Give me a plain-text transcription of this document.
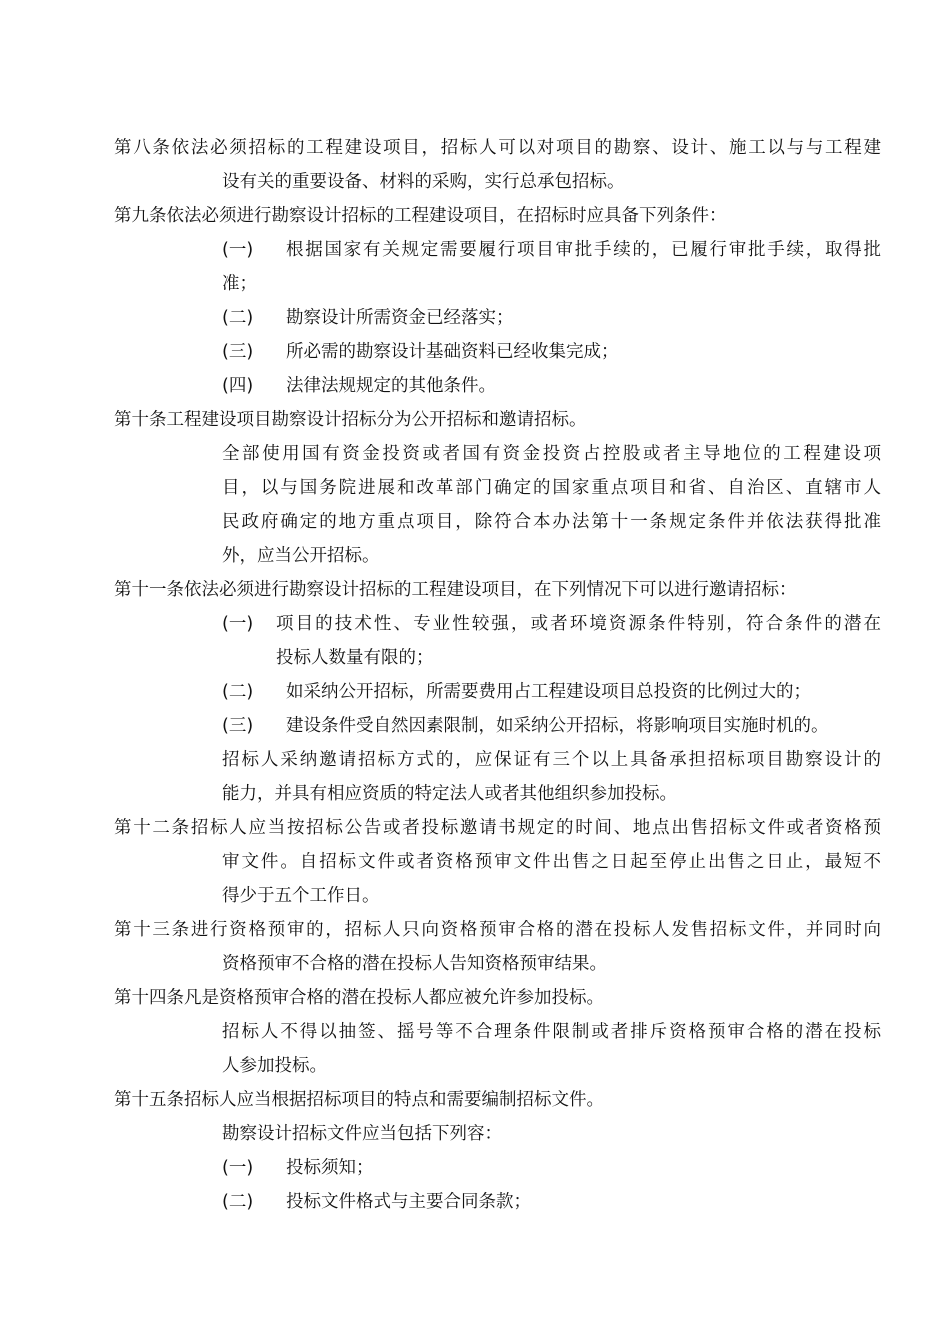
第八条依法必须招标的工程建设项目，招标人可以对项目的勘察、设计、施工以与与工程建
设有关的重要设备、材料的采购，实行总承包招标。
第九条依法必须进行勘察设计招标的工程建设项目，在招标时应具备下列条件：
(一) 根据国家有关规定需要履行项目审批手续的，已履行审批手续，取得批
准；
(二) 勘察设计所需资金已经落实；
(三) 所必需的勘察设计基础资料已经收集完成；
(四) 法律法规规定的其他条件。
第十条工程建设项目勘察设计招标分为公开招标和邀请招标。
全部使用国有资金投资或者国有资金投资占控股或者主导地位的工程建设项
目，以与国务院进展和改革部门确定的国家重点项目和省、自治区、直辖市人
民政府确定的地方重点项目，除符合本办法第十一条规定条件并依法获得批准
外，应当公开招标。
第十一条依法必须进行勘察设计招标的工程建设项目，在下列情况下可以进行邀请招标：
(一) 项目的技术性、专业性较强，或者环境资源条件特别，符合条件的潜在
投标人数量有限的；
(二) 如采纳公开招标，所需要费用占工程建设项目总投资的比例过大的；
(三) 建设条件受自然因素限制，如采纳公开招标，将影响项目实施时机的。
招标人采纳邀请招标方式的，应保证有三个以上具备承担招标项目勘察设计的
能力，并具有相应资质的特定法人或者其他组织参加投标。
第十二条招标人应当按招标公告或者投标邀请书规定的时间、地点出售招标文件或者资格预
审文件。自招标文件或者资格预审文件出售之日起至停止出售之日止，最短不
得少于五个工作日。
第十三条进行资格预审的，招标人只向资格预审合格的潜在投标人发售招标文件，并同时向
资格预审不合格的潜在投标人告知资格预审结果。
第十四条凡是资格预审合格的潜在投标人都应被允许参加投标。
招标人不得以抽签、摇号等不合理条件限制或者排斥资格预审合格的潜在投标
人参加投标。
第十五条招标人应当根据招标项目的特点和需要编制招标文件。
勘察设计招标文件应当包括下列容：
(一) 投标须知；
(二) 投标文件格式与主要合同条款；
